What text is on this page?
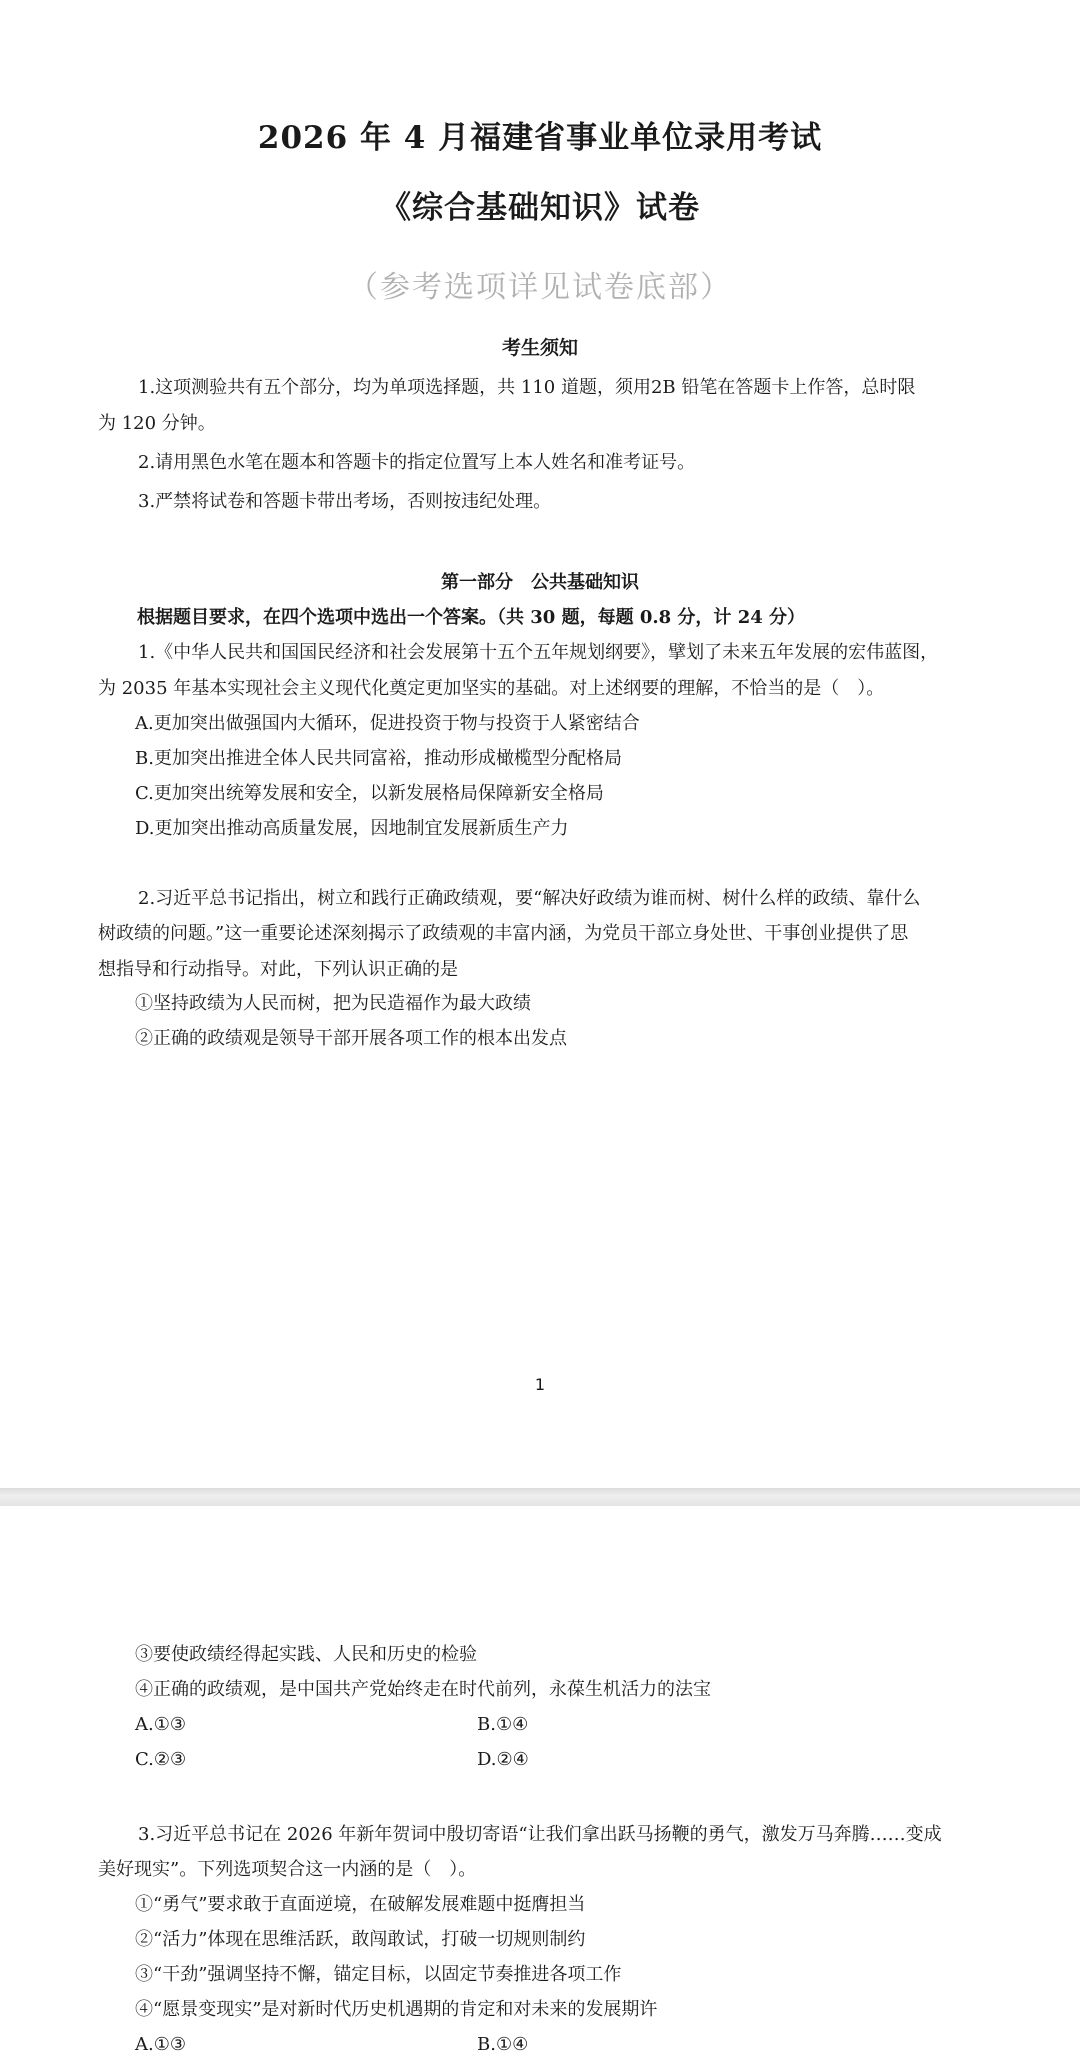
2026 年 4 月福建省事业单位录用考试
《综合基础知识》试卷
（参考选项详见试卷底部）
考生须知
1.这项测验共有五个部分，均为单项选择题，共 110 道题，须用2B 铅笔在答题卡上作答，总时限
为 120 分钟。
2.请用黑色水笔在题本和答题卡的指定位置写上本人姓名和准考证号。
3.严禁将试卷和答题卡带出考场，否则按违纪处理。
第一部分　公共基础知识
根据题目要求，在四个选项中选出一个答案。（共 30 题，每题 0.8 分，计 24 分）
1.《中华人民共和国国民经济和社会发展第十五个五年规划纲要》，擘划了未来五年发展的宏伟蓝图，
为 2035 年基本实现社会主义现代化奠定更加坚实的基础。对上述纲要的理解，不恰当的是（　）。
A.更加突出做强国内大循环，促进投资于物与投资于人紧密结合
B.更加突出推进全体人民共同富裕，推动形成橄榄型分配格局
C.更加突出统筹发展和安全，以新发展格局保障新安全格局
D.更加突出推动高质量发展，因地制宜发展新质生产力
2.习近平总书记指出，树立和践行正确政绩观，要“解决好政绩为谁而树、树什么样的政绩、靠什么
树政绩的问题。”这一重要论述深刻揭示了政绩观的丰富内涵，为党员干部立身处世、干事创业提供了思
想指导和行动指导。对此，下列认识正确的是
①坚持政绩为人民而树，把为民造福作为最大政绩
②正确的政绩观是领导干部开展各项工作的根本出发点
1
③要使政绩经得起实践、人民和历史的检验
④正确的政绩观，是中国共产党始终走在时代前列，永葆生机活力的法宝
A.①③	B.①④
C.②③	D.②④
3.习近平总书记在 2026 年新年贺词中殷切寄语“让我们拿出跃马扬鞭的勇气，激发万马奔腾……变成
美好现实”。下列选项契合这一内涵的是（　）。
①“勇气”要求敢于直面逆境，在破解发展难题中挺膺担当
②“活力”体现在思维活跃，敢闯敢试，打破一切规则制约
③“干劲”强调坚持不懈，锚定目标，以固定节奏推进各项工作
④“愿景变现实”是对新时代历史机遇期的肯定和对未来的发展期许
A.①③	B.①④
